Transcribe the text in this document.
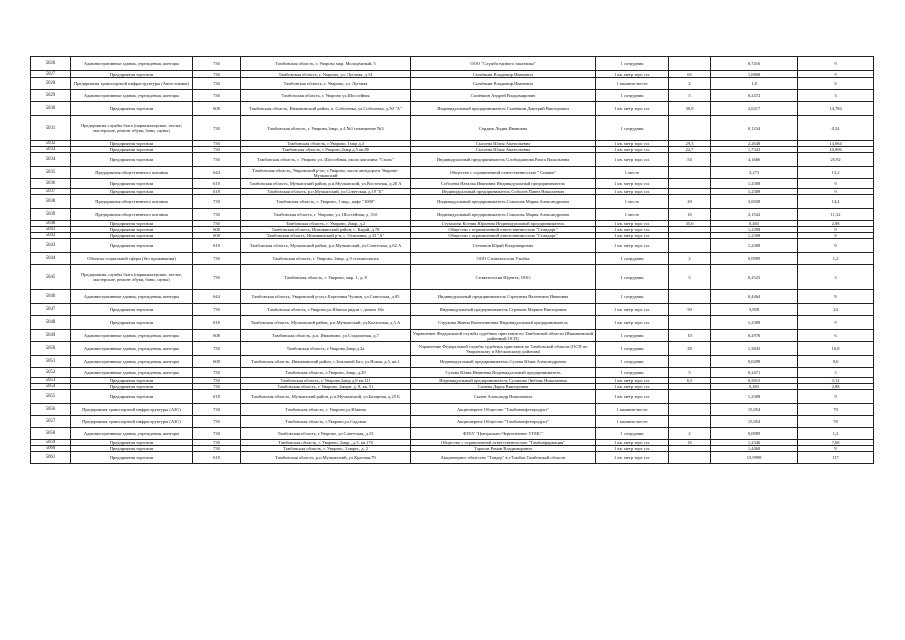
5026	Административные здания, учреждения, конторы	730	Тамбовская область, г. Уварово мкр. Молодёжный, 5	ООО "Служба единого заказчика"	1 сотрудник		0,7416	9
5027	Предприятия торговли	730	Тамбовская область, г. Уварово, ул. Луговая, д.14	Сычёвкин Владимир Иванович	1 кв. метр торг. пл.	65	1,0868	9
5028	Предприятия транспортной инфраструктуры (Автостоянки)	730	Тамбовская область, г. Уварово, ул. Луговая	Сычёвкин Владимир Иванович	1 машино-место	2	1,8	9
5029	Административные здания, учреждения, конторы	730	Тамбовская область, г. Уварово ул.Шоссейная	Сычёвкин Андрей Владимирович	1 сотрудник	5	0,2472	3
5030	Предприятия торговли	608	Тамбовская область, Инжавинский район, п. Соболевка, ул.Соболевка, д.50 "А"	Индивидуальный предприниматель Сычёвкин Дмитрий Викторович	1 кв. метр торг. пл.	30,8	2,0217	14,784
5031	Предприятия службы быта (парикмахерские, ателье, мастерские, ремонт обуви, бани, сауны)	730	Тамбовская область, г. Уварово,1мкр. д.4 №1 помещение №3	Сердюк Лидия Ивановна	1 сотрудник		0,1234	0,24
5032	Предприятия торговли	730	Тамбовская область, г.Уварово, 1мкр д.4	Сысоева Юлия Анатольевна	1 кв. метр торг. пл.	29,3	2,2648	14,064
5033	Предприятия торговли	730	Тамбовская область, г.Уварово,2мкр.д.5 кв.80	Сысоева Юлия Анатольевна	1 кв. метр торг. пл.	22,7	1,7343	10,896
5034	Предприятия торговли	730	Тамбовская область, г. Уварово ул. Шоссейная, около магазина "Стиль"	Индивидуальный предприниматель Слободкинова Раиса Васильевна	1 кв. метр торг. пл.	54	4,1666	25,92
5035	Предприятия общественного питания	644	Тамбовская область, Уваровский р-он, г.Уварово, около автодороги Уварово-Мучкапский	Общество с ограниченной ответственностью " Сияние"	1 место		2,273	13,2
5036	Предприятия торговли	618	Тамбовская область, Мучкапский район, р.п.Мучкапский, ул.Восточная, д.20 А	Соболева Наталья Ивановна Индивидуальный предприниматель	1 кв. метр торг. пл.		1,2308	9
5037	Предприятия торговли	618	Тамбовская область, р.п.Мучкапский, ул.Советская, д.19 "Б"	Индивидуальный предприниматель Соболев Павел Николаевич	1 кв. метр торг. пл.		1,2308	9
5038	Предприятия общественного питания	730	Тамбовская область, г. Уварово, 1 мкр., кафе "1000"	Индивидуальный предприниматель Соколова Мария Александровна	1 место	20	3,6928	14,4
5039	Предприятия общественного питания	730	Тамбовская область, г. Уварово, ул. Шоссейная, д. 51б	Индивидуальный предприниматель Соколова Мария Александровна	1 место	16	2,1542	11,52
5040	Предприятия торговли	730	Тамбовская область, г. Уварово, 2мкр. д.2	Стукалова Ксения Юрьевна Индивидуальный предприниматель	1 кв. метр торг. пл.	35,6	0,465	2,88
5041	Предприятия торговли	608	Тамбовская область, Инжавинский район, с. Карай, д.78	Общество с ограниченной ответственностью "Стандарт"	1 кв. метр торг. пл.		1,2308	9
5042	Предприятия торговли	608	Тамбовская область, Инжавинский р-н, с. Осиновка, д.33 "А"	Общество с ограниченной ответственностью "Стандарт"	1 кв. метр торг. пл.		1,2308	9
5043	Предприятия торговли	618	Тамбовская область, Мучкапский район, р.п.Мучкапский, ул.Советская, д.62 А	Степанов Юрий Владимирович	1 кв. метр торг. пл.		1,2308	9
5044	Объекты социальной сферы (без проживания)	730	Тамбовская область, г. Уварово, 2мкр. д.9 стоматология	ООО Стоматология Улыбка	1 сотрудник	2	0,0989	1,2
5045	Предприятия службы быта (парикмахерские, ателье, мастерские, ремонт обуви, бани, сауны)	730	Тамбовская область, г. Уварово, мкр. 1, д. 8	Стоматология Юдента, ООО	1 сотрудник	5	0,2523	3
5046	Административные здания, учреждения, конторы	644	Тамбовская область, Уваровский р-он,с.Березовка Чучков, ул.Советская, д.85	Индивидуальный предприниматель Стрекнева Валентина Ивановна	1 сотрудник		0,4464	9
5047	Предприятия торговли	730	Тамбовская область, г.Уварово,ул.Южная рядом с домом 18а	Индивидуальный предприниматель Стрекова Марина Викторовна	1 кв. метр торг. пл.	50	3,858	24
5048	Предприятия торговли	618	Тамбовская область, Мучкапский район, р.п.Мучкапский, ул.Колхозная, д.3 А	Струкова Жанна Валентиновна Индивидуальный предприниматель	1 кв. метр торг. пл.		1,2308	9
5049	Административные здания, учреждения, конторы	608	Тамбовская область, р.п. Инжавино, ул.Стадионная, д.7	Управление Федеральной службы судебных приставов по Тамбовской области (Инжавинский районный ОСП)	1 сотрудник	10	0,2976	6
5050	Административные здания, учреждения, конторы	730	Тамбовская область, г.Уварово,2мкр д.2а	Управление Федеральной службы судебных приставов по Тамбовской области (ОСП по Уваровскому и Мучкапскому районам)	1 сотрудник	28	1,3843	16,8
5051	Административные здания, учреждения, конторы	608	Тамбовская область, Инжавинский район, с.Земляной Бал, ул.Новая, д.5, кв.1	Индивидуальный предприниматель Сухова Юлия Александровна	1 сотрудник		0,0298	0,6
5052	Административные здания, учреждения, конторы	730	Тамбовская область, г.Уварово, 2мкр. д.29	Сухова Юлия Ивановна Индивидуальный предприниматель	1 сотрудник	5	0,2471	3
5053	Предприятия торговли	730	Тамбовская область, г. Уварово,2мкр д.8 кв.111	Индивидуальный предприниматель Суханова Любовь Николаевна	1 кв. метр торг. пл.	6,5	0,5015	3,12
5054	Предприятия торговли	730	Тамбовская область, г. Уварово, 2мкрн. д. 8, кв. 51	Сычева Дарья Викторовна	1 кв. метр торг. пл.		0,465	2,88
5055	Предприятия торговли	618	Тамбовская область, Мучкапский район, р.п.Мучкапский, ул.Базарная, д.25 Б	Сычев Александр Николаевич	1 кв. метр торг. пл.		1,2308	9
5056	Предприятия транспортной инфраструктуры (АЗС)	730	Тамбовская область, г. Уварово,ул.Южная	Акционерное Общество "Тамбовнефтепродукт"	1 машино-место		15,054	78
5057	Предприятия транспортной инфраструктуры (АЗС)	730	Тамбовская область, г.Уварово,ул.Садовая	Акционерное Общество "Тамбовнефтепродукт"	1 машино-место		15,054	78
5058	Административные здания, учреждения, конторы	730	Тамбовская область, г.Уварово, ул.Советская, д.15	ФГБУ "Центрально-Черноземное УГМС"	1 сотрудник	2	0,0989	1,2
5059	Предприятия торговли	730	Тамбовская область, г. Уварово, 2мкр., д.5, кв.176	Общество с ограниченной ответственностью "Тамбовфармация"	1 кв. метр торг. пл.	16	1,2346	7,68
5060	Предприятия торговли	730	Тамбовская область, г. Уварово, 3 мкрн., д. 2	Тарасов Роман Владимирович	1 кв. метр торг. пл.		1,4468	9
5061	Предприятия торговли	618	Тамбовская область, р.п.Мучкапский, ул.Красная,79	Акционерное общество "Тандер" в г.Тамбов Тамбовской области	1 кв. метр торг. пл.		15,9998	117
